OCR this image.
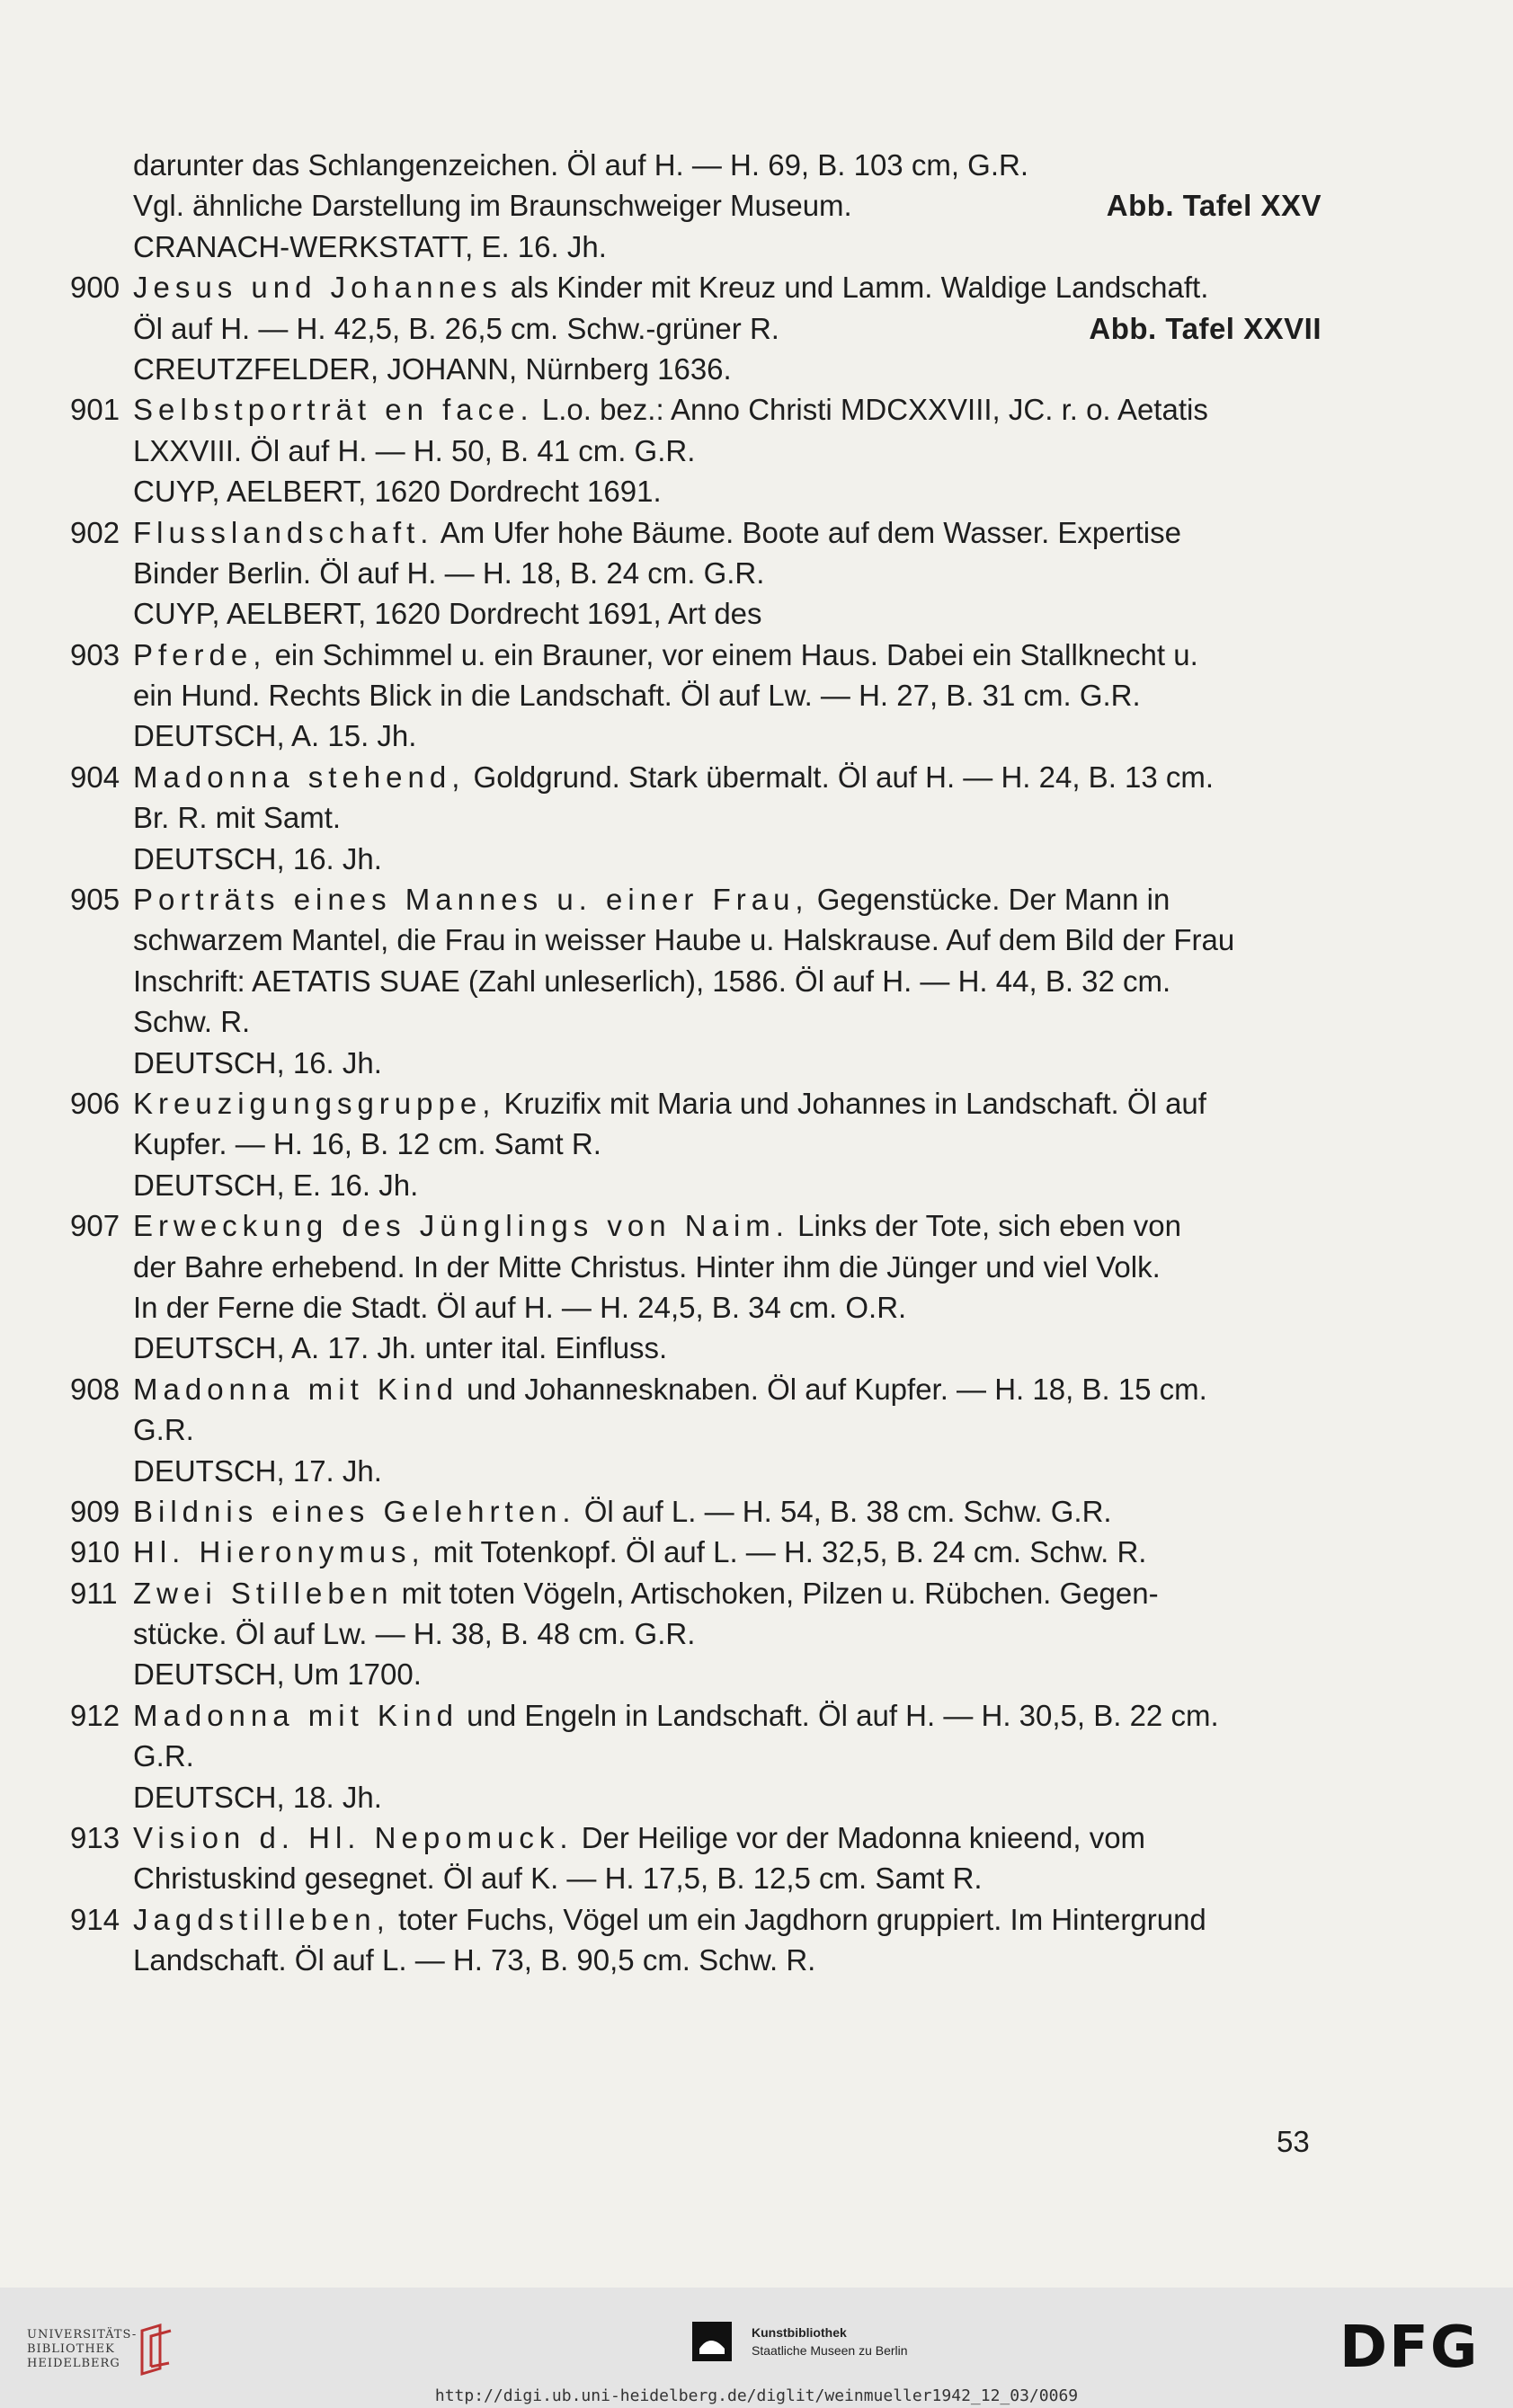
darunter das Schlangenzeichen. Öl auf H. — H. 69, B. 103 cm, G.R.
Vgl. ähnliche Darstellung im Braunschweiger Museum.	Abb. Tafel XXV
CRANACH-WERKSTATT, E. 16. Jh.
900 Jesus und Johannes als Kinder mit Kreuz und Lamm. Waldige Landschaft.
Öl auf H. — H. 42,5, B. 26,5 cm. Schw.-grüner R.	Abb. Tafel XXVII
CREUTZFELDER, JOHANN, Nürnberg 1636.
901 Selbstporträt en face. L.o. bez.: Anno Christi MDCXXVIII, JC. r. o. Aetatis
LXXVIII. Öl auf H. — H. 50, B. 41 cm. G.R.
CUYP, AELBERT, 1620 Dordrecht 1691.
902 Flusslandschaft. Am Ufer hohe Bäume. Boote auf dem Wasser. Expertise
Binder Berlin. Öl auf H. — H. 18, B. 24 cm. G.R.
CUYP, AELBERT, 1620 Dordrecht 1691, Art des
903 Pferde, ein Schimmel u. ein Brauner, vor einem Haus. Dabei ein Stallknecht u.
ein Hund. Rechts Blick in die Landschaft. Öl auf Lw. — H. 27, B. 31 cm. G.R.
DEUTSCH, A. 15. Jh.
904 Madonna stehend, Goldgrund. Stark übermalt. Öl auf H. — H. 24, B. 13 cm.
Br. R. mit Samt.
DEUTSCH, 16. Jh.
905 Porträts eines Mannes u. einer Frau, Gegenstücke. Der Mann in
schwarzem Mantel, die Frau in weisser Haube u. Halskrause. Auf dem Bild der Frau
Inschrift: AETATIS SUAE (Zahl unleserlich), 1586. Öl auf H. — H. 44, B. 32 cm.
Schw. R.
DEUTSCH, 16. Jh.
906 Kreuzigungsgruppe, Kruzifix mit Maria und Johannes in Landschaft. Öl auf
Kupfer. — H. 16, B. 12 cm. Samt R.
DEUTSCH, E. 16. Jh.
907 Erweckung des Jünglings von Naim. Links der Tote, sich eben von
der Bahre erhebend. In der Mitte Christus. Hinter ihm die Jünger und viel Volk.
In der Ferne die Stadt. Öl auf H. — H. 24,5, B. 34 cm. O.R.
DEUTSCH, A. 17. Jh. unter ital. Einfluss.
908 Madonna mit Kind und Johannesknaben. Öl auf Kupfer. — H. 18, B. 15 cm.
G.R.
DEUTSCH, 17. Jh.
909 Bildnis eines Gelehrten. Öl auf L. — H. 54, B. 38 cm. Schw. G.R.
910 Hl. Hieronymus, mit Totenkopf. Öl auf L. — H. 32,5, B. 24 cm. Schw. R.
911 Zwei Stilleben mit toten Vögeln, Artischoken, Pilzen u. Rübchen. Gegen-
stücke. Öl auf Lw. — H. 38, B. 48 cm. G.R.
DEUTSCH, Um 1700.
912 Madonna mit Kind und Engeln in Landschaft. Öl auf H. — H. 30,5, B. 22 cm.
G.R.
DEUTSCH, 18. Jh.
913 Vision d. Hl. Nepomuck. Der Heilige vor der Madonna knieend, vom
Christuskind gesegnet. Öl auf K. — H. 17,5, B. 12,5 cm. Samt R.
914 Jagdstilleben, toter Fuchs, Vögel um ein Jagdhorn gruppiert. Im Hintergrund
Landschaft. Öl auf L. — H. 73, B. 90,5 cm. Schw. R.
53
UNIVERSITÄTS-
BIBLIOTHEK
HEIDELBERG
Kunstbibliothek
Staatliche Museen zu Berlin	DFG
http://digi.ub.uni-heidelberg.de/diglit/weinmueller1942_12_03/0069
